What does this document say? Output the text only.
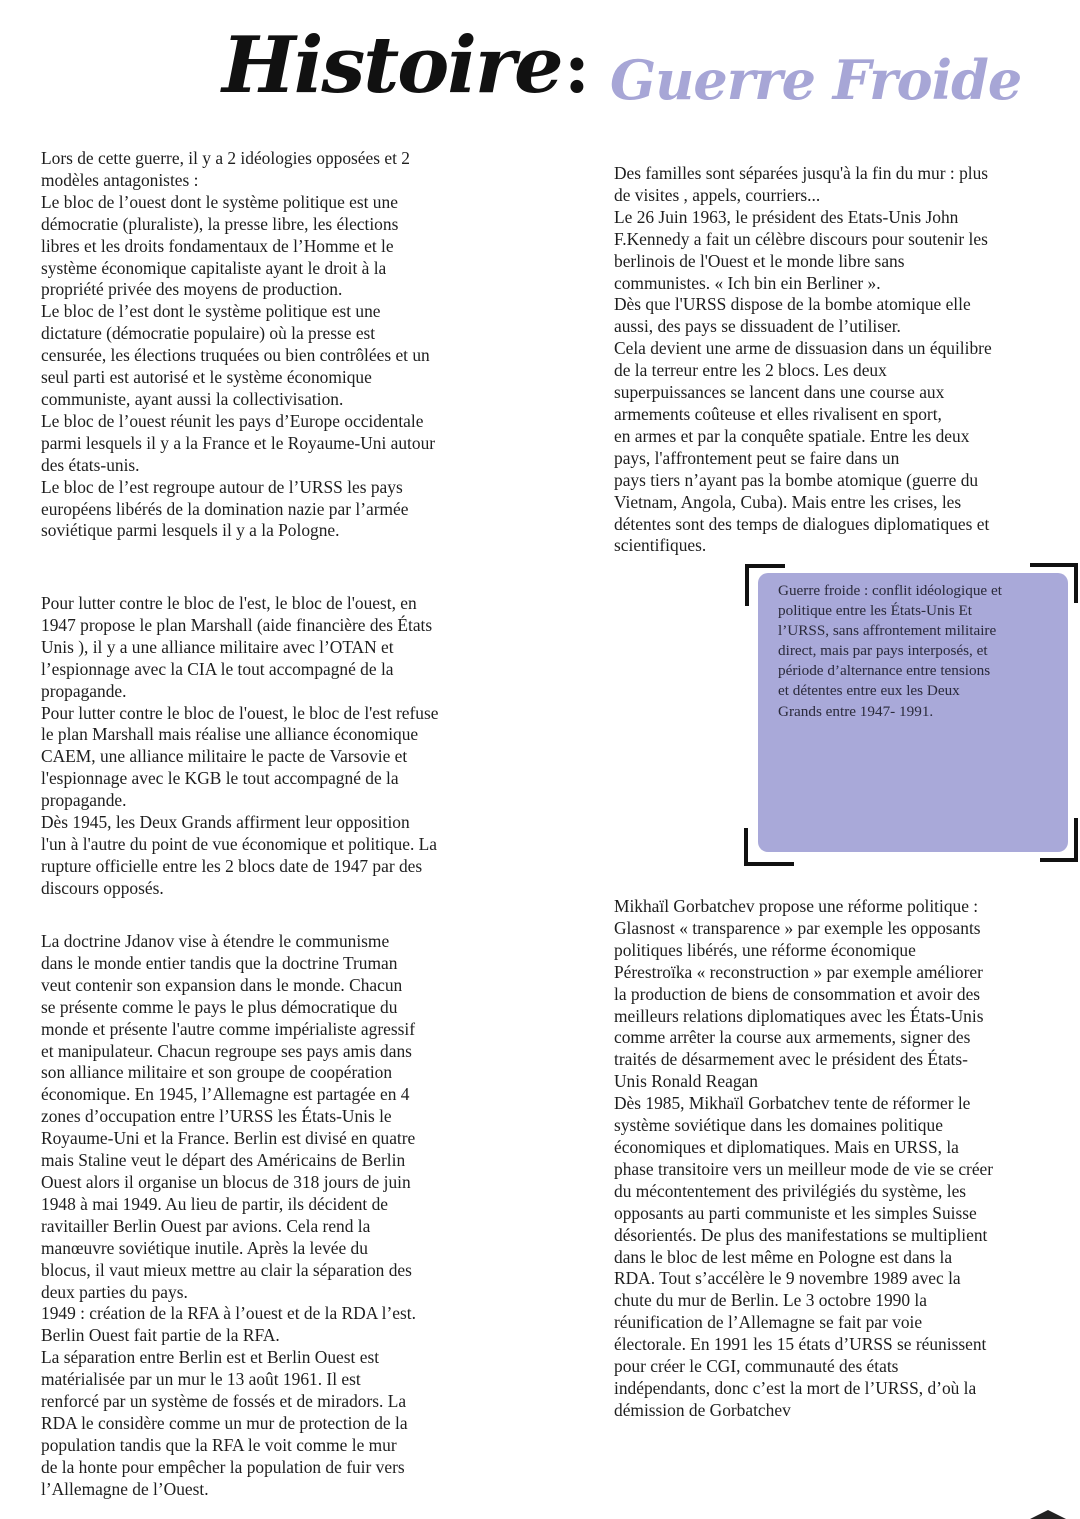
Histoire : Guerre Froide

Lors de cette guerre, il y a 2 idéologies opposées et 2
modèles antagonistes :
Le bloc de l’ouest dont le système politique est une
démocratie (pluraliste), la presse libre, les élections
libres et les droits fondamentaux de l’Homme et le
système économique capitaliste ayant le droit à la
propriété privée des moyens de production.
Le bloc de l’est dont le système politique est une
dictature (démocratie populaire) où la presse est
censurée, les élections truquées ou bien contrôlées et un
seul parti est autorisé et le système économique
communiste, ayant aussi la collectivisation.
Le bloc de l’ouest réunit les pays d’Europe occidentale
parmi lesquels il y a la France et le Royaume-Uni autour
des états-unis.
Le bloc de l’est regroupe autour de l’URSS les pays
européens libérés de la domination nazie par l’armée
soviétique parmi lesquels il y a la Pologne.

Pour lutter contre le bloc de l'est, le bloc de l'ouest, en
1947 propose le plan Marshall (aide financière des États
Unis ), il y a une alliance militaire avec l’OTAN et
l’espionnage avec la CIA le tout accompagné de la
propagande.
Pour lutter contre le bloc de l'ouest, le bloc de l'est refuse
le plan Marshall mais réalise une alliance économique
CAEM, une alliance militaire le pacte de Varsovie et
l'espionnage avec le KGB le tout accompagné de la
propagande.
Dès 1945, les Deux Grands affirment leur opposition
l'un à l'autre du point de vue économique et politique. La
rupture officielle entre les 2 blocs date de 1947 par des
discours opposés.

La doctrine Jdanov vise à étendre le communisme
dans le monde entier tandis que la doctrine Truman
veut contenir son expansion dans le monde. Chacun
se présente comme le pays le plus démocratique du
monde et présente l'autre comme impérialiste agressif
et manipulateur. Chacun regroupe ses pays amis dans
son alliance militaire et son groupe de coopération
économique. En 1945, l’Allemagne est partagée en 4
zones d’occupation entre l’URSS les États-Unis le
Royaume-Uni et la France. Berlin est divisé en quatre
mais Staline veut le départ des Américains de Berlin
Ouest alors il organise un blocus de 318 jours de juin
1948 à mai 1949. Au lieu de partir, ils décident de
ravitailler Berlin Ouest par avions. Cela rend la
manœuvre soviétique inutile. Après la levée du
blocus, il vaut mieux mettre au clair la séparation des
deux parties du pays.
1949 : création de la RFA à l’ouest et de la RDA l’est.
Berlin Ouest fait partie de la RFA.
La séparation entre Berlin est et Berlin Ouest est
matérialisée par un mur le 13 août 1961. Il est
renforcé par un système de fossés et de miradors. La
RDA le considère comme un mur de protection de la
population tandis que la RFA le voit comme le mur
de la honte pour empêcher la population de fuir vers
l’Allemagne de l’Ouest.

Des familles sont séparées jusqu'à la fin du mur : plus
de visites , appels, courriers...
Le 26 Juin 1963, le président des Etats-Unis John
F.Kennedy a fait un célèbre discours pour soutenir les
berlinois de l'Ouest et le monde libre sans
communistes. « Ich bin ein Berliner ».
Dès que l'URSS dispose de la bombe atomique elle
aussi, des pays se dissuadent de l’utiliser.
Cela devient une arme de dissuasion dans un équilibre
de la terreur entre les 2 blocs. Les deux
superpuissances se lancent dans une course aux
armements coûteuse et elles rivalisent en sport,
en armes et par la conquête spatiale. Entre les deux
pays, l'affrontement peut se faire dans un
pays tiers n’ayant pas la bombe atomique (guerre du
Vietnam, Angola, Cuba). Mais entre les crises, les
détentes sont des temps de dialogues diplomatiques et
scientifiques.

Guerre froide : conflit idéologique et
politique entre les États-Unis Et
l’URSS, sans affrontement militaire
direct, mais par pays interposés, et
période d’alternance entre tensions
et détentes entre eux les Deux
Grands entre 1947- 1991.

Mikhaïl Gorbatchev propose une réforme politique :
Glasnost « transparence » par exemple les opposants
politiques libérés, une réforme économique
Pérestroïka « reconstruction » par exemple améliorer
la production de biens de consommation et avoir des
meilleurs relations diplomatiques avec les États-Unis
comme arrêter la course aux armements, signer des
traités de désarmement avec le président des États-
Unis Ronald Reagan
Dès 1985, Mikhaïl Gorbatchev tente de réformer le
système soviétique dans les domaines politique
économiques et diplomatiques. Mais en URSS, la
phase transitoire vers un meilleur mode de vie se créer
du mécontentement des privilégiés du système, les
opposants au parti communiste et les simples Suisse
désorientés. De plus des manifestations se multiplient
dans le bloc de lest même en Pologne est dans la
RDA. Tout s’accélère le 9 novembre 1989 avec la
chute du mur de Berlin. Le 3 octobre 1990 la
réunification de l’Allemagne se fait par voie
électorale. En 1991 les 15 états d’URSS se réunissent
pour créer le CGI, communauté des états
indépendants, donc c’est la mort de l’URSS, d’où la
démission de Gorbatchev
